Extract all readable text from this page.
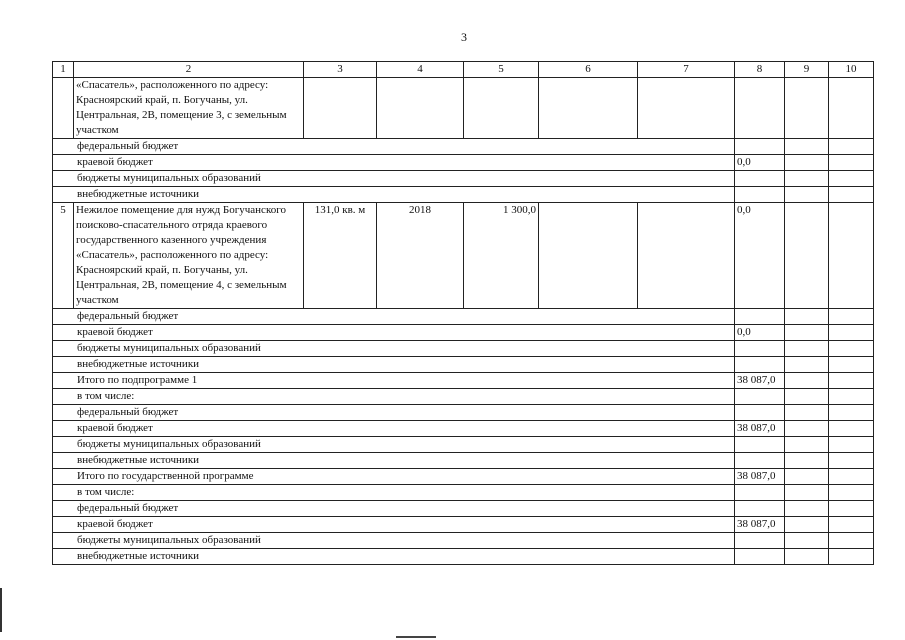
3
1	2	3	4	5	6	7	8	9	10
	«Спасатель», расположенного по адресу: Красноярский край, п. Богучаны, ул. Центральная, 2В, помещение 3, с земельным участком								
федеральный бюджет									
краевой бюджет							0,0		
бюджеты муниципальных образований									
внебюджетные источники									
5	Нежилое помещение для нужд Богучанского поисково-спасательного отряда краевого государственного казенного учреждения «Спасатель», расположенного по адресу: Красноярский край, п. Богучаны, ул. Центральная, 2В, помещение 4, с земельным участком	131,0 кв. м	2018	1 300,0			0,0		
федеральный бюджет									
краевой бюджет							0,0		
бюджеты муниципальных образований									
внебюджетные источники									
Итого по подпрограмме 1							38 087,0		
в том числе:									
федеральный бюджет									
краевой бюджет							38 087,0		
бюджеты муниципальных образований									
внебюджетные источники									
Итого по государственной программе							38 087,0		
в том числе:									
федеральный бюджет									
краевой бюджет							38 087,0		
бюджеты муниципальных образований									
внебюджетные источники									
